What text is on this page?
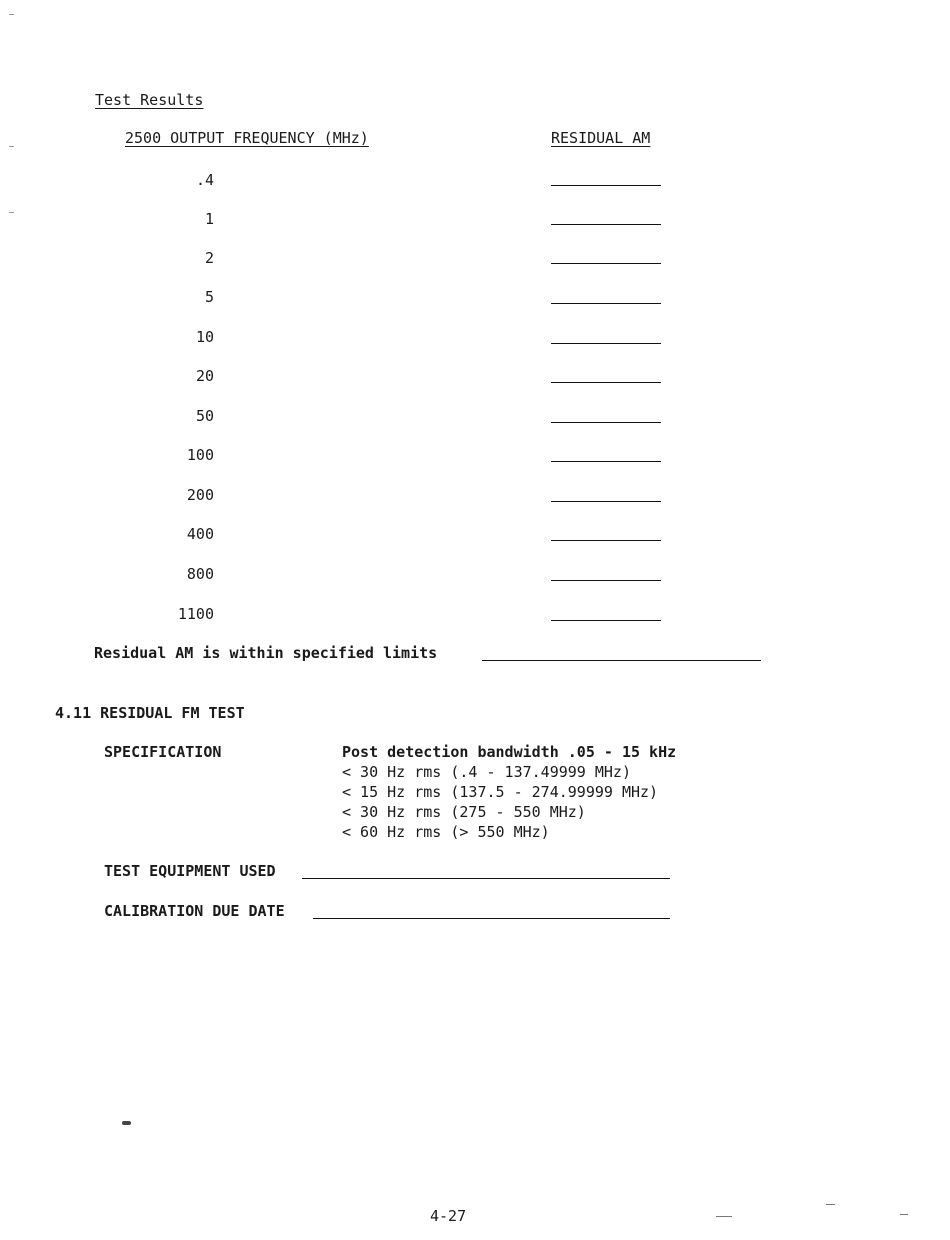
Test Results
2500 OUTPUT FREQUENCY (MHz)	RESIDUAL AM
.4
1
2
5
10
20
50
100
200
400
800
1100
Residual AM is within specified limits
4.11 RESIDUAL FM TEST
SPECIFICATION	Post detection bandwidth .05 - 15 kHz
< 30 Hz rms (.4 - 137.49999 MHz)
< 15 Hz rms (137.5 - 274.99999 MHz)
< 30 Hz rms (275 - 550 MHz)
< 60 Hz rms (> 550 MHz)
TEST EQUIPMENT USED
CALIBRATION DUE DATE
4-27
